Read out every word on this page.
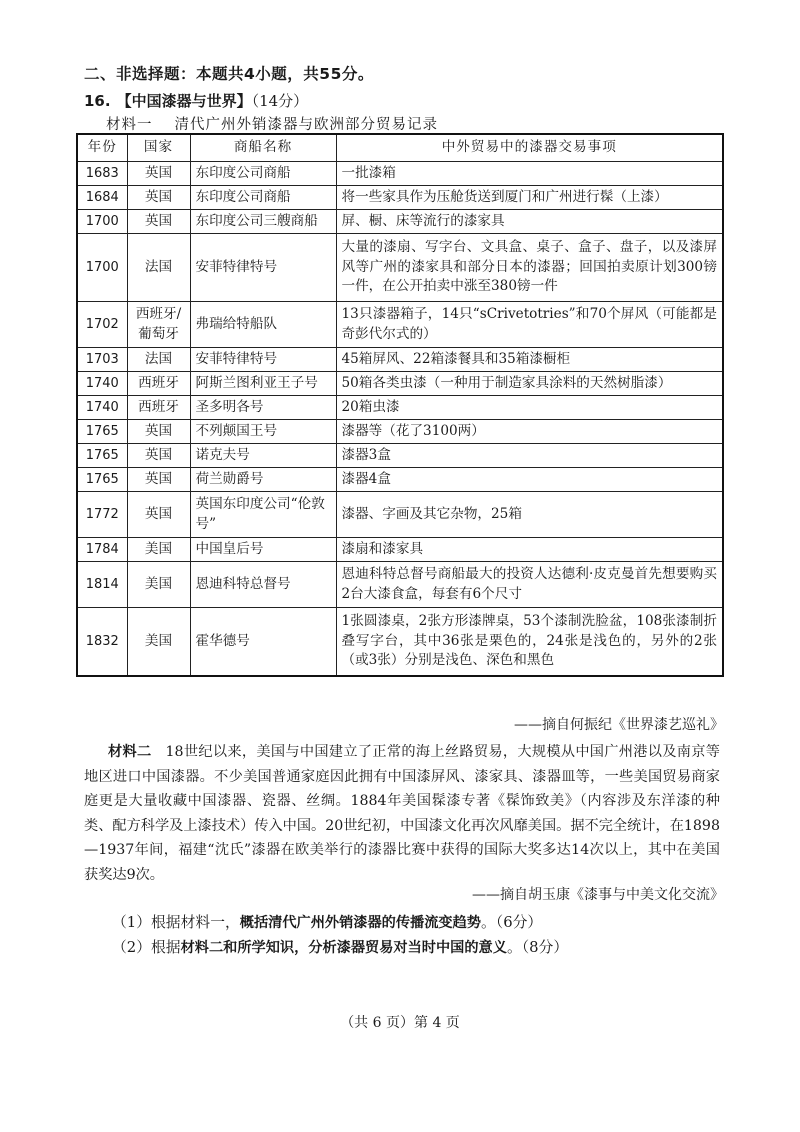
二、非选择题：本题共4小题，共55分。
16. 【中国漆器与世界】（14分）
材料一 清代广州外销漆器与欧洲部分贸易记录
年份	国家	商船名称	中外贸易中的漆器交易事项
1683	英国	东印度公司商船	一批漆箱
1684	英国	东印度公司商船	将一些家具作为压舱货送到厦门和广州进行髹（上漆）
1700	英国	东印度公司三艘商船	屏、橱、床等流行的漆家具
1700	法国	安菲特律特号	大量的漆扇、写字台、文具盒、桌子、盒子、盘子，以及漆屏风等广州的漆家具和部分日本的漆器；回国拍卖原计划300镑一件，在公开拍卖中涨至380镑一件
1702	西班牙/葡萄牙	弗瑞给特船队	13只漆器箱子，14只“sCrivetotries”和70个屏风（可能都是奇彭代尔式的）
1703	法国	安菲特律特号	45箱屏风、22箱漆餐具和35箱漆橱柜
1740	西班牙	阿斯兰图利亚王子号	50箱各类虫漆（一种用于制造家具涂料的天然树脂漆）
1740	西班牙	圣多明各号	20箱虫漆
1765	英国	不列颠国王号	漆器等（花了3100两）
1765	英国	诺克夫号	漆器3盒
1765	英国	荷兰勋爵号	漆器4盒
1772	英国	英国东印度公司“伦敦号”	漆器、字画及其它杂物，25箱
1784	美国	中国皇后号	漆扇和漆家具
1814	美国	恩迪科特总督号	恩迪科特总督号商船最大的投资人达德利·皮克曼首先想要购买2台大漆食盒，每套有6个尺寸
1832	美国	霍华德号	1张圆漆桌，2张方形漆牌桌，53个漆制洗脸盆，108张漆制折叠写字台，其中36张是栗色的，24张是浅色的，另外的2张（或3张）分别是浅色、深色和黑色
——摘自何振纪《世界漆艺巡礼》
材料二 18世纪以来，美国与中国建立了正常的海上丝路贸易，大规模从中国广州港以及南京等地区进口中国漆器。不少美国普通家庭因此拥有中国漆屏风、漆家具、漆器皿等，一些美国贸易商家庭更是大量收藏中国漆器、瓷器、丝绸。1884年美国髹漆专著《髹饰致美》（内容涉及东洋漆的种类、配方科学及上漆技术）传入中国。20世纪初，中国漆文化再次风靡美国。据不完全统计，在1898—1937年间，福建“沈氏”漆器在欧美举行的漆器比赛中获得的国际大奖多达14次以上，其中在美国获奖达9次。
——摘自胡玉康《漆事与中美文化交流》
（1）根据材料一，概括清代广州外销漆器的传播流变趋势。（6分）
（2）根据材料二和所学知识，分析漆器贸易对当时中国的意义。（8分）
（共 6 页）第 4 页
